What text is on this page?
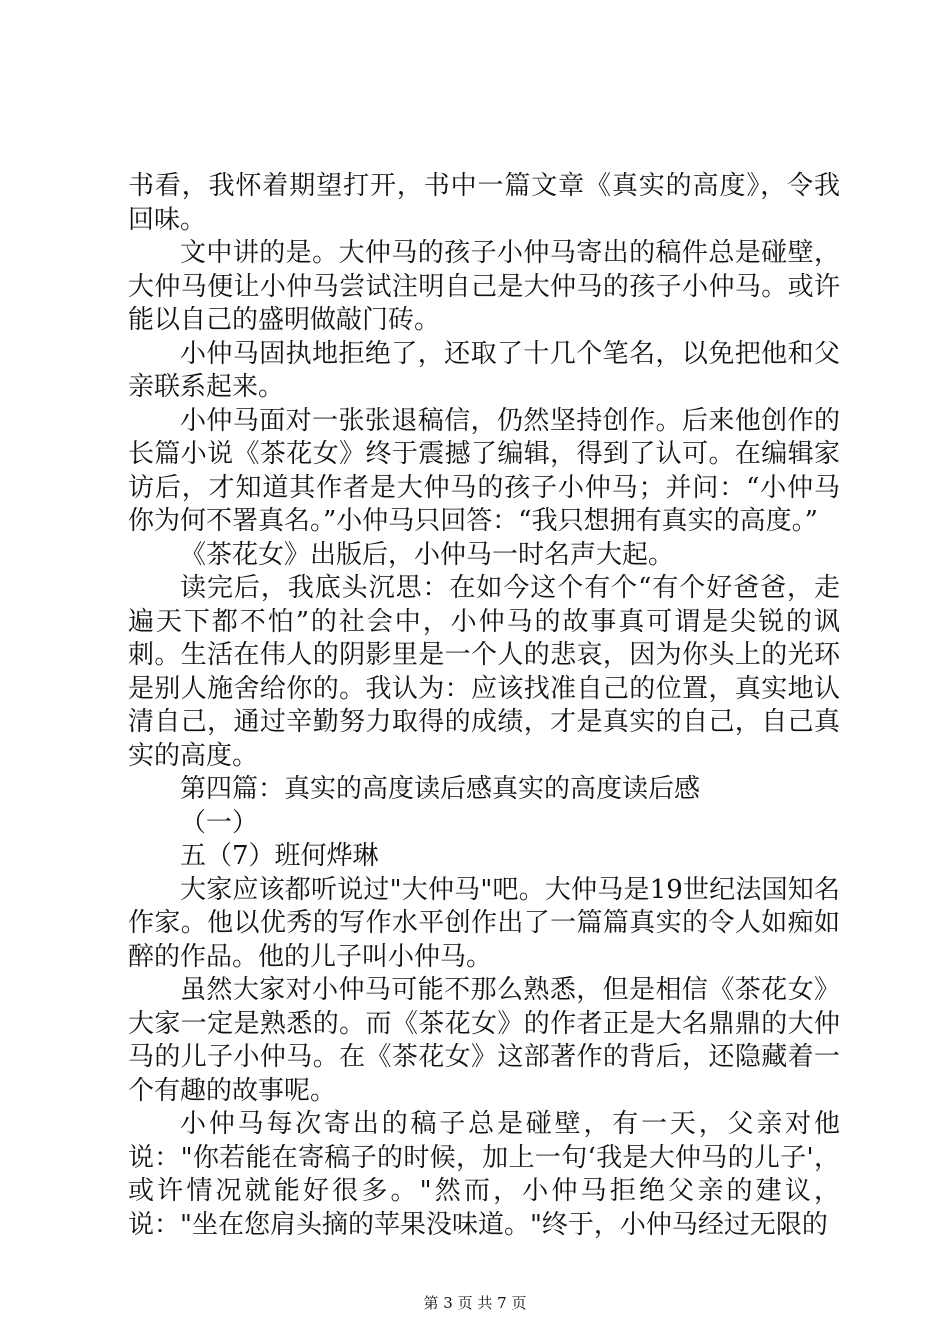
书看，我怀着期望打开，书中一篇文章《真实的高度》，令我回味。

文中讲的是。大仲马的孩子小仲马寄出的稿件总是碰壁，大仲马便让小仲马尝试注明自己是大仲马的孩子小仲马。或许能以自己的盛明做敲门砖。

小仲马固执地拒绝了，还取了十几个笔名，以免把他和父亲联系起来。

小仲马面对一张张退稿信，仍然坚持创作。后来他创作的长篇小说《茶花女》终于震撼了编辑，得到了认可。在编辑家访后，才知道其作者是大仲马的孩子小仲马；并问：“小仲马你为何不署真名。”小仲马只回答：“我只想拥有真实的高度。”

《茶花女》出版后，小仲马一时名声大起。

读完后，我底头沉思：在如今这个有个“有个好爸爸，走遍天下都不怕”的社会中，小仲马的故事真可谓是尖锐的讽刺。生活在伟人的阴影里是一个人的悲哀，因为你头上的光环是别人施舍给你的。我认为：应该找准自己的位置，真实地认清自己，通过辛勤努力取得的成绩，才是真实的自己，自己真实的高度。

第四篇：真实的高度读后感真实的高度读后感

（一）

五（7）班何烨琳

大家应该都听说过"大仲马"吧。大仲马是19世纪法国知名作家。他以优秀的写作水平创作出了一篇篇真实的令人如痴如醉的作品。他的儿子叫小仲马。

虽然大家对小仲马可能不那么熟悉，但是相信《茶花女》大家一定是熟悉的。而《茶花女》的作者正是大名鼎鼎的大仲马的儿子小仲马。在《茶花女》这部著作的背后，还隐藏着一个有趣的故事呢。

小仲马每次寄出的稿子总是碰壁，有一天，父亲对他说："你若能在寄稿子的时候，加上一句‘我是大仲马的儿子'，或许情况就能好很多。"然而，小仲马拒绝父亲的建议，说："坐在您肩头摘的苹果没味道。"终于，小仲马经过无限的

第 3 页 共 7 页
